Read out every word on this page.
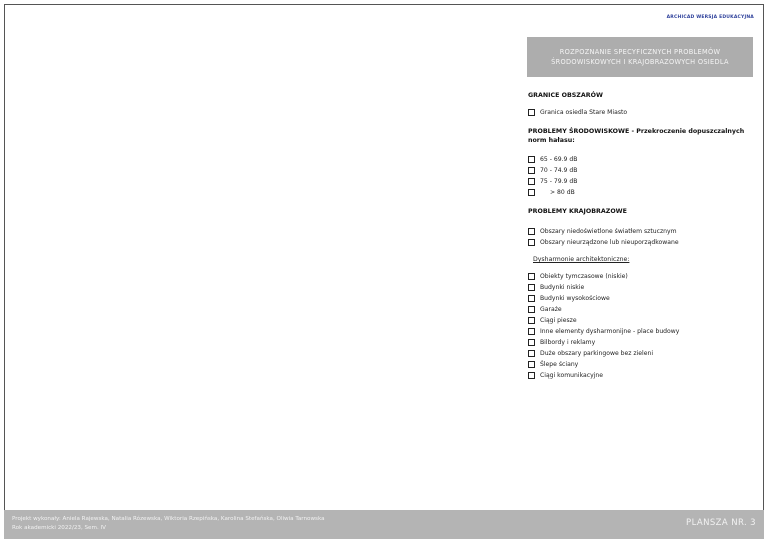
ARCHICAD WERSJA EDUKACYJNA
ROZPOZNANIE SPECYFICZNYCH PROBLEMÓW
ŚRODOWISKOWYCH I KRAJOBRAZOWYCH OSIEDLA
GRANICE OBSZARÓW
Granica osiedla Stare Miasto
PROBLEMY ŚRODOWISKOWE - Przekroczenie dopuszczalnych norm hałasu:
65 - 69.9 dB
70 - 74.9 dB
75 - 79.9 dB
> 80 dB
PROBLEMY KRAJOBRAZOWE
Obszary niedoświetlone światłem sztucznym
Obszary nieurządzone lub nieuporządkowane
Dysharmonie architektoniczne:
Obiekty tymczasowe (niskie)
Budynki niskie
Budynki wysokościowe
Garaże
Ciągi piesze
Inne elementy dysharmonijne - place budowy
Bilbordy i reklamy
Duże obszary parkingowe bez zieleni
Ślepe ściany
Ciągi komunikacyjne
Projekt wykonały: Aniela Rajewska, Natalia Rózewska, Wiktoria Rzepińska, Karolina Stefańska, Oliwia Tarnowska
Rok akademicki 2022/23, Sem. IV	PLANSZA NR. 3
